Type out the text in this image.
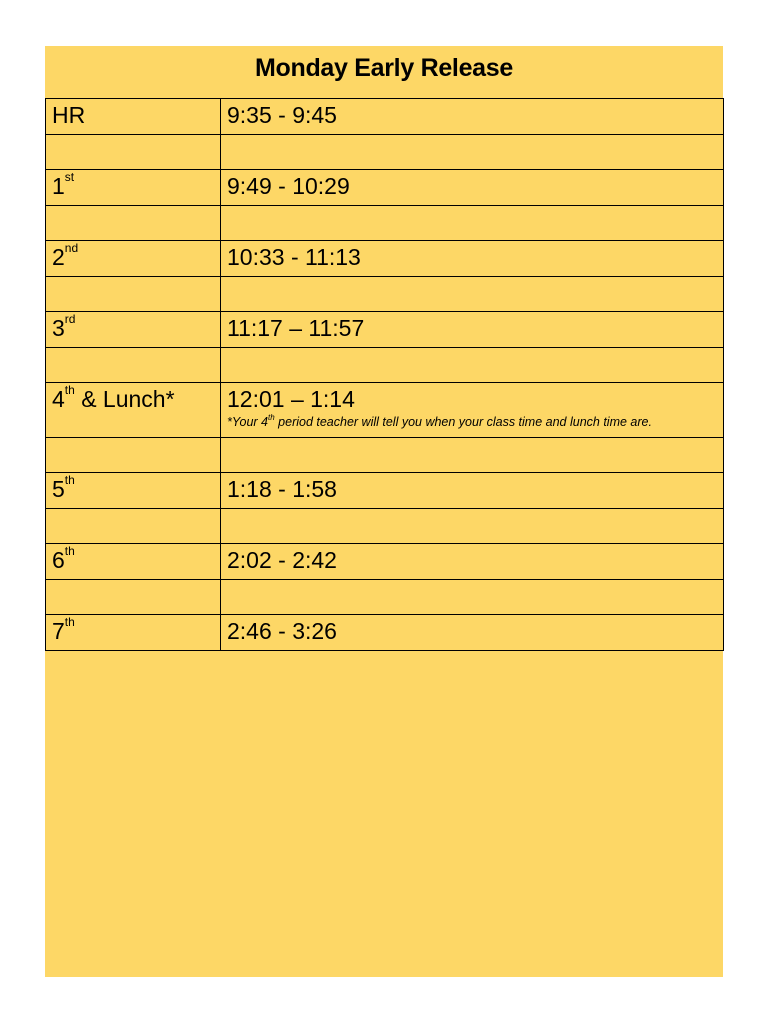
Monday Early Release
HR	9:35 - 9:45

1st	9:49 - 10:29

2nd	10:33 - 11:13

3rd	11:17 – 11:57

4th & Lunch*	12:01 – 1:14
*Your 4th period teacher will tell you when your class time and lunch time are.

5th	1:18 - 1:58

6th	2:02 - 2:42

7th	2:46 - 3:26
